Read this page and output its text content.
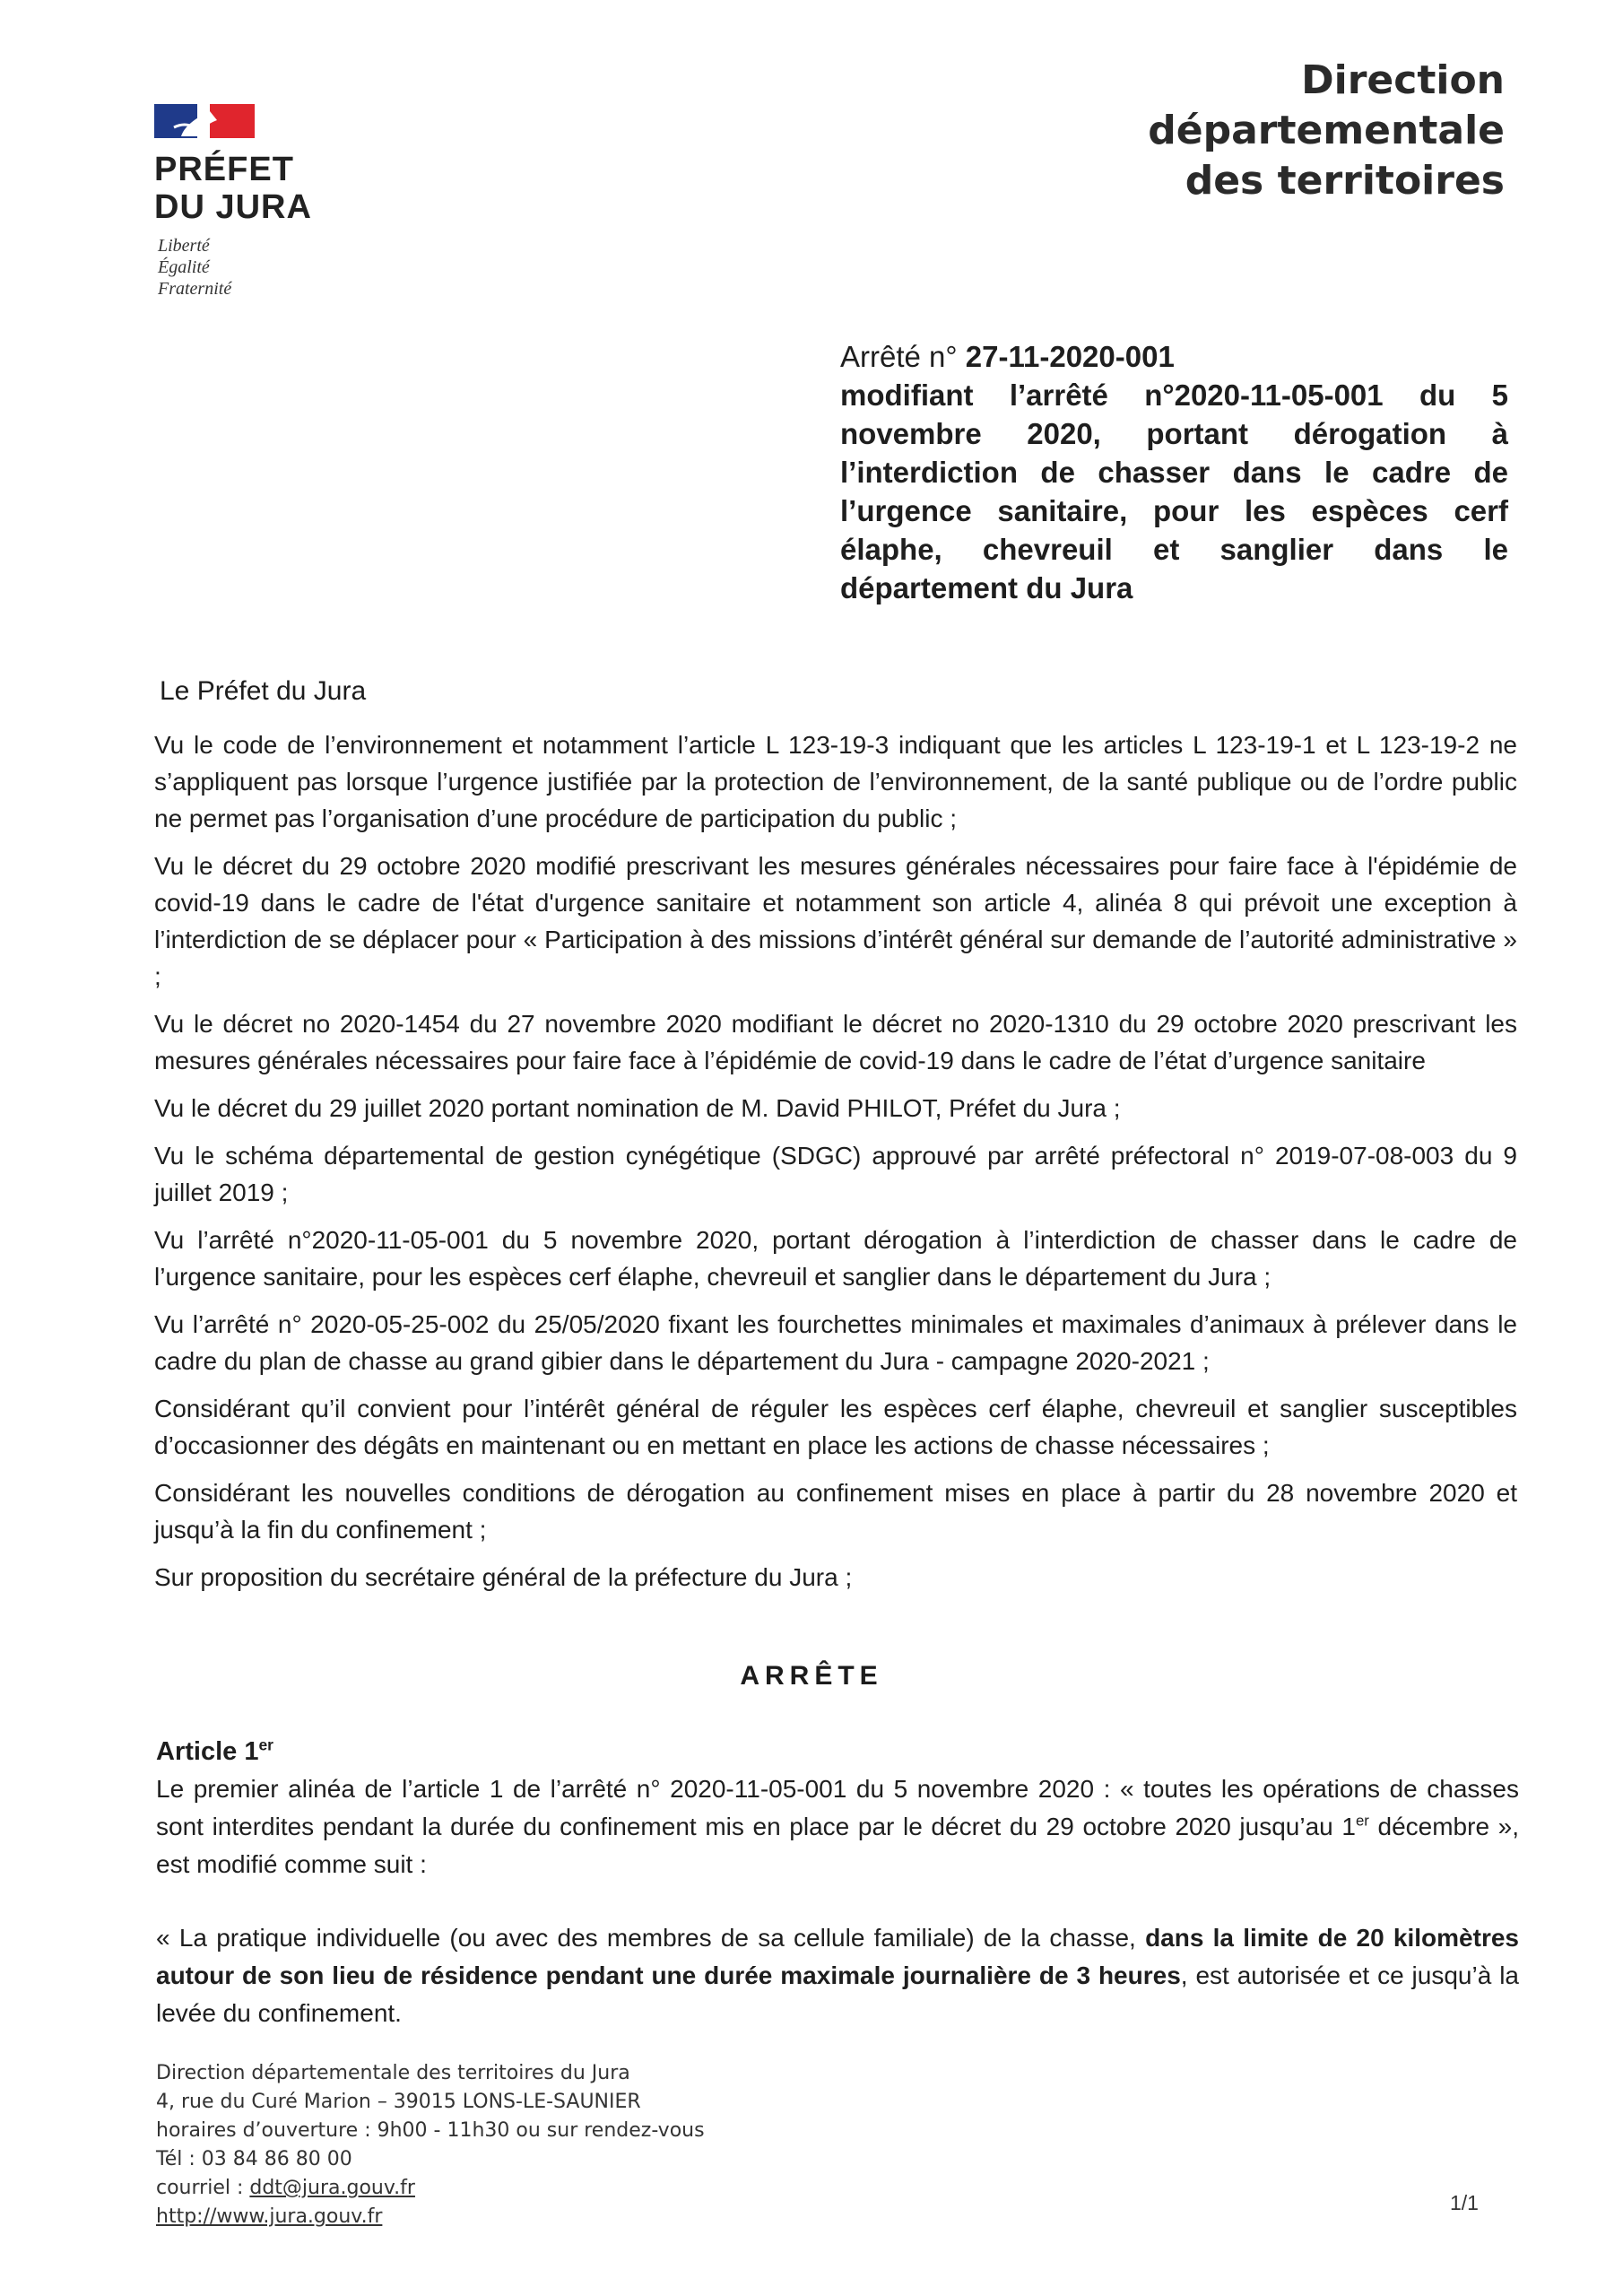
PRÉFET
DU JURA
Liberté
Égalité
Fraternité
Direction
départementale
des territoires
Arrêté n° 27-11-2020-001
modifiant l’arrêté n°2020-11-05-001 du 5 novembre 2020, portant dérogation à l’interdiction de chasser dans le cadre de l’urgence sanitaire, pour les espèces cerf élaphe, chevreuil et sanglier dans le département du Jura
Le Préfet du Jura

Vu le code de l’environnement et notamment l’article L 123-19-3 indiquant que les articles L 123-19-1 et L 123-19-2 ne s’appliquent pas lorsque l’urgence justifiée par la protection de l’environnement, de la santé publique ou de l’ordre public ne permet pas l’organisation d’une procédure de participation du public ;

Vu le décret du 29 octobre 2020 modifié prescrivant les mesures générales nécessaires pour faire face à l'épidémie de covid-19 dans le cadre de l'état d'urgence sanitaire et notamment son article 4, alinéa 8 qui prévoit une exception à l’interdiction de se déplacer pour « Participation à des missions d’intérêt général sur demande de l’autorité administrative » ;

Vu le décret no 2020-1454 du 27 novembre 2020 modifiant le décret no 2020-1310 du 29 octobre 2020 prescrivant les mesures générales nécessaires pour faire face à l’épidémie de covid-19 dans le cadre de l’état d’urgence sanitaire

Vu le décret du 29 juillet 2020 portant nomination de M. David PHILOT, Préfet du Jura ;

Vu le schéma départemental de gestion cynégétique (SDGC) approuvé par arrêté préfectoral n° 2019-07-08-003 du 9 juillet 2019 ;

Vu l’arrêté n°2020-11-05-001 du 5 novembre 2020, portant dérogation à l’interdiction de chasser dans le cadre de l’urgence sanitaire, pour les espèces cerf élaphe, chevreuil et sanglier dans le département du Jura ;

Vu l’arrêté n° 2020-05-25-002 du 25/05/2020 fixant les fourchettes minimales et maximales d’animaux à prélever dans le cadre du plan de chasse au grand gibier dans le département du Jura - campagne 2020-2021 ;

Considérant qu’il convient pour l’intérêt général de réguler les espèces cerf élaphe, chevreuil et sanglier susceptibles d’occasionner des dégâts en maintenant ou en mettant en place les actions de chasse nécessaires ;

Considérant les nouvelles conditions de dérogation au confinement mises en place à partir du 28 novembre 2020 et jusqu’à la fin du confinement ;

Sur proposition du secrétaire général de la préfecture du Jura ;

ARRÊTE
Article 1er

Le premier alinéa de l’article 1 de l’arrêté n° 2020-11-05-001 du 5 novembre 2020 : « toutes les opérations de chasses sont interdites pendant la durée du confinement mis en place par le décret du 29 octobre 2020 jusqu’au 1er décembre », est modifié comme suit :

« La pratique individuelle (ou avec des membres de sa cellule familiale) de la chasse, dans la limite de 20 kilomètres autour de son lieu de résidence pendant une durée maximale journalière de 3 heures, est autorisée et ce jusqu’à la levée du confinement.

Direction départementale des territoires du Jura
4, rue du Curé Marion – 39015 LONS-LE-SAUNIER
horaires d’ouverture : 9h00 - 11h30 ou sur rendez-vous
Tél : 03 84 86 80 00
courriel : ddt@jura.gouv.fr
http://www.jura.gouv.fr
1/1
